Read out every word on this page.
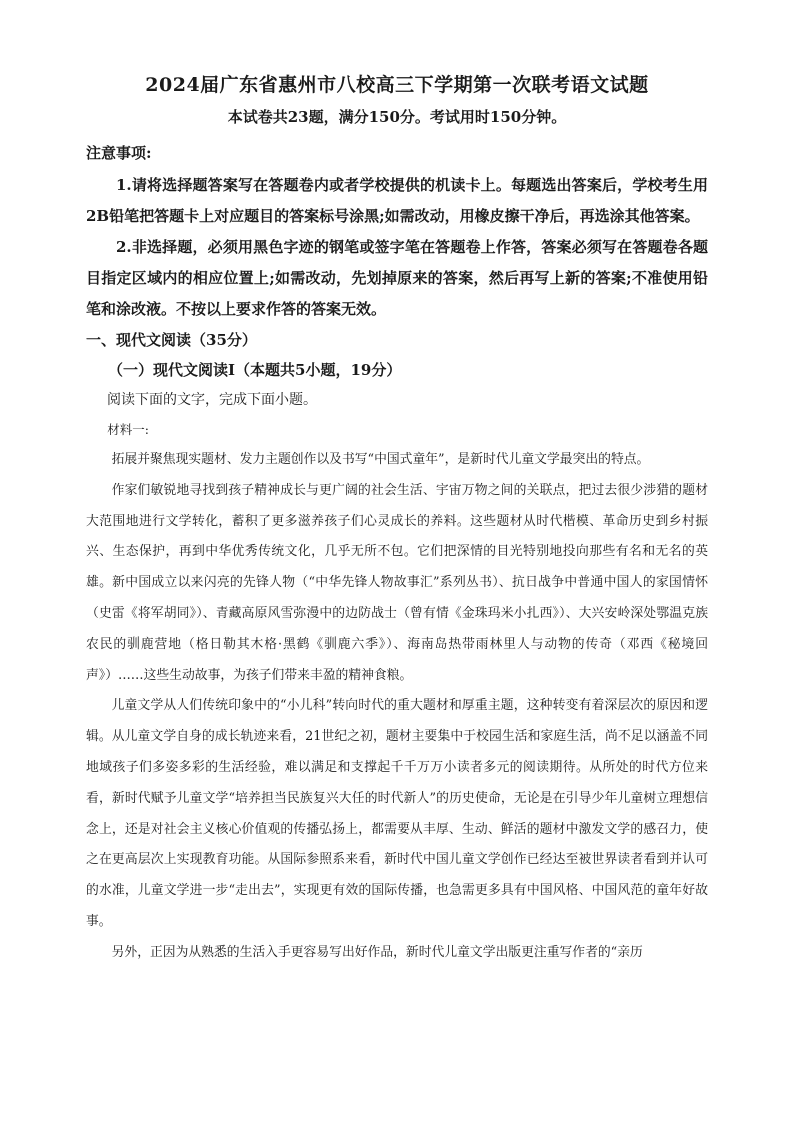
2024届广东省惠州市八校高三下学期第一次联考语文试题
本试卷共23题，满分150分。考试用时150分钟。
注意事项:

1.请将选择题答案写在答题卷内或者学校提供的机读卡上。每题选出答案后，学校考生用2B铅笔把答题卡上对应题目的答案标号涂黑;如需改动，用橡皮擦干净后，再选涂其他答案。

2.非选择题，必须用黑色字迹的钢笔或签字笔在答题卷上作答，答案必须写在答题卷各题目指定区域内的相应位置上;如需改动，先划掉原来的答案，然后再写上新的答案;不准使用铅笔和涂改液。不按以上要求作答的答案无效。

一、现代文阅读（35分）
（一）现代文阅读Ⅰ（本题共5小题，19分）
阅读下面的文字，完成下面小题。
材料一:

拓展并聚焦现实题材、发力主题创作以及书写“中国式童年”，是新时代儿童文学最突出的特点。

作家们敏锐地寻找到孩子精神成长与更广阔的社会生活、宇宙万物之间的关联点，把过去很少涉猎的题材大范围地进行文学转化，蓄积了更多滋养孩子们心灵成长的养料。这些题材从时代楷模、革命历史到乡村振兴、生态保护，再到中华优秀传统文化，几乎无所不包。它们把深情的目光特别地投向那些有名和无名的英雄。新中国成立以来闪亮的先锋人物（“中华先锋人物故事汇”系列丛书）、抗日战争中普通中国人的家国情怀（史雷《将军胡同》）、青藏高原风雪弥漫中的边防战士（曾有情《金珠玛米小扎西》）、大兴安岭深处鄂温克族农民的驯鹿营地（格日勒其木格·黑鹤《驯鹿六季》）、海南岛热带雨林里人与动物的传奇（邓西《秘境回声》）……这些生动故事，为孩子们带来丰盈的精神食粮。

儿童文学从人们传统印象中的“小儿科”转向时代的重大题材和厚重主题，这种转变有着深层次的原因和逻辑。从儿童文学自身的成长轨迹来看，21世纪之初，题材主要集中于校园生活和家庭生活，尚不足以涵盖不同地域孩子们多姿多彩的生活经验，难以满足和支撑起千千万万小读者多元的阅读期待。从所处的时代方位来看，新时代赋予儿童文学“培养担当民族复兴大任的时代新人”的历史使命，无论是在引导少年儿童树立理想信念上，还是对社会主义核心价值观的传播弘扬上，都需要从丰厚、生动、鲜活的题材中激发文学的感召力，使之在更高层次上实现教育功能。从国际参照系来看，新时代中国儿童文学创作已经达至被世界读者看到并认可的水准，儿童文学进一步“走出去”，实现更有效的国际传播，也急需更多具有中国风格、中国风范的童年好故事。

另外，正因为从熟悉的生活入手更容易写出好作品，新时代儿童文学出版更注重写作者的“亲历
